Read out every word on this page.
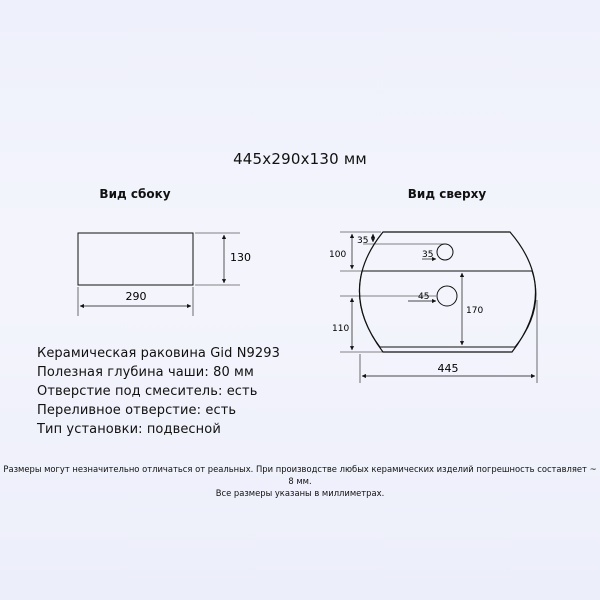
445x290x130 мм
Вид сбоку	Вид сверху
130
290
35
100	35
45
170
110
445
Керамическая раковина Gid N9293
Полезная глубина чаши: 80 мм
Отверстие под смеситель: есть
Переливное отверстие: есть
Тип установки: подвесной
Размеры могут незначительно отличаться от реальных. При производстве любых керамических изделий погрешность составляет ~ 8 мм.
Все размеры указаны в миллиметрах.
